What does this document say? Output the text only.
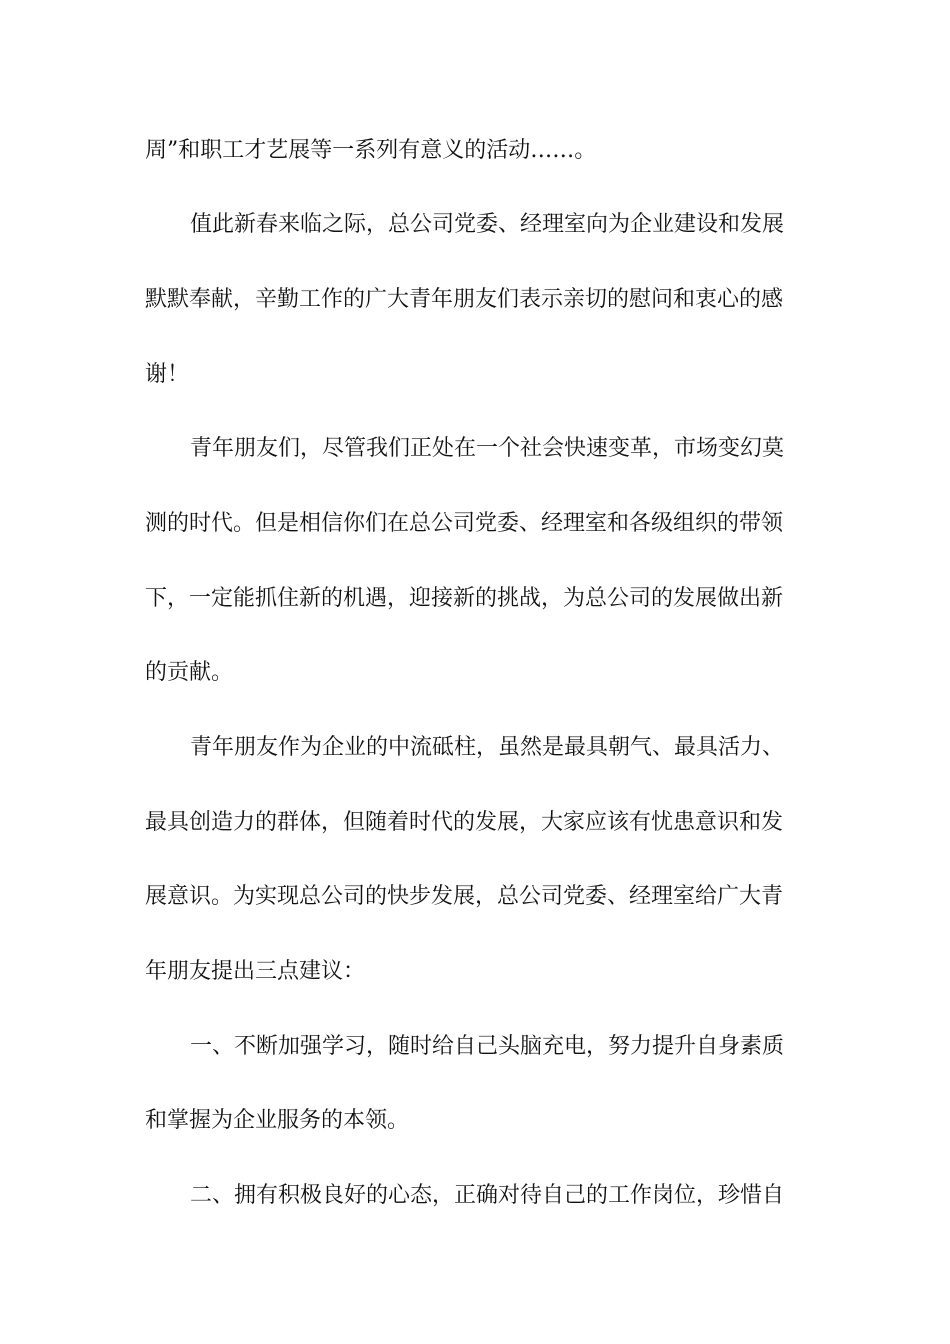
周”和职工才艺展等一系列有意义的活动……。

值此新春来临之际，总公司党委、经理室向为企业建设和发展

默默奉献，辛勤工作的广大青年朋友们表示亲切的慰问和衷心的感

谢！

青年朋友们，尽管我们正处在一个社会快速变革，市场变幻莫

测的时代。但是相信你们在总公司党委、经理室和各级组织的带领

下，一定能抓住新的机遇，迎接新的挑战，为总公司的发展做出新

的贡献。

青年朋友作为企业的中流砥柱，虽然是最具朝气、最具活力、

最具创造力的群体，但随着时代的发展，大家应该有忧患意识和发

展意识。为实现总公司的快步发展，总公司党委、经理室给广大青

年朋友提出三点建议：

一、不断加强学习，随时给自己头脑充电，努力提升自身素质

和掌握为企业服务的本领。

二、拥有积极良好的心态，正确对待自己的工作岗位，珍惜自
